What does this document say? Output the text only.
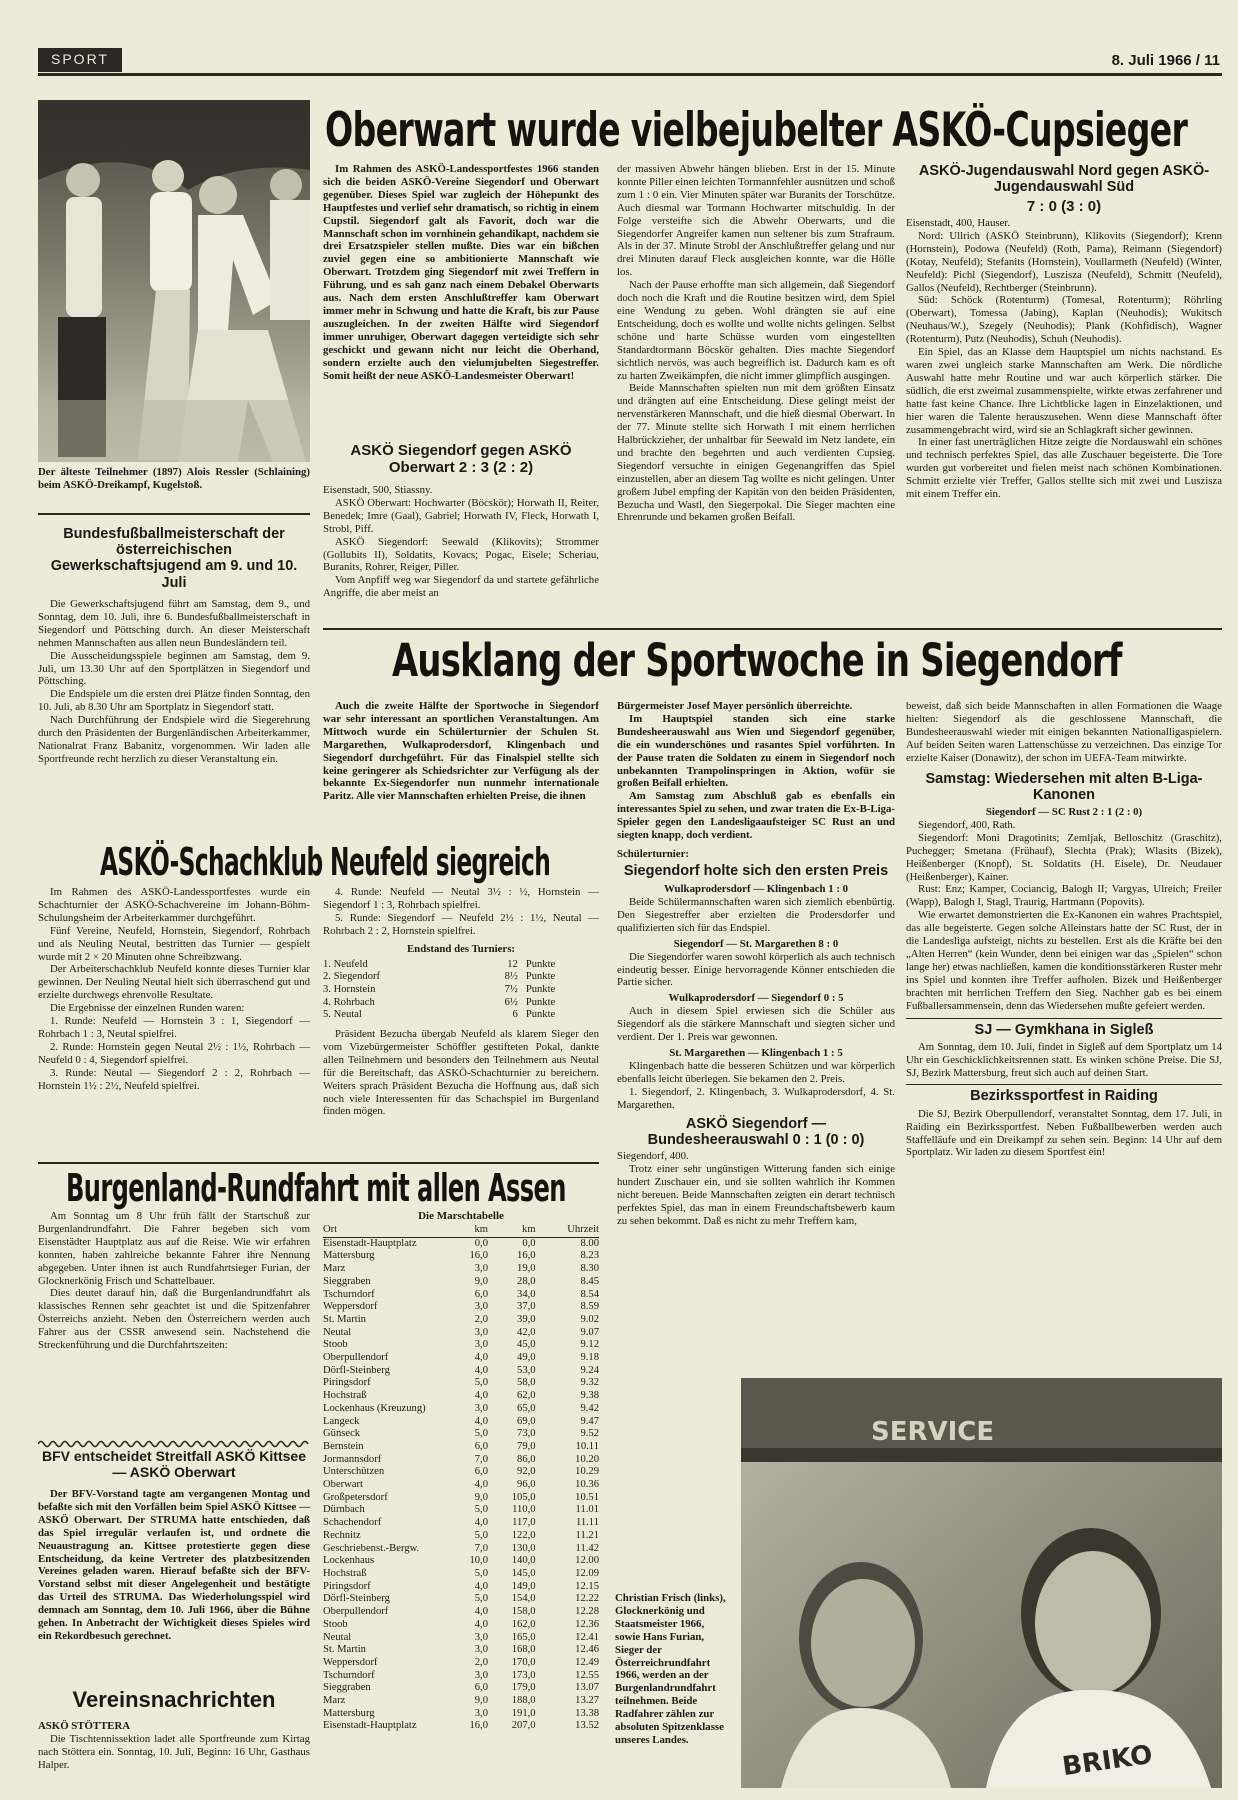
SPORT	8. Juli 1966 / 11

Der älteste Teilnehmer (1897) Alois Ressler (Schlaining) beim ASKÖ-Dreikampf, Kugelstoß.

Bundesfußballmeisterschaft der österreichischen Gewerkschaftsjugend am 9. und 10. Juli

Die Gewerkschaftsjugend führt am Samstag, dem 9., und Sonntag, dem 10. Juli, ihre 6. Bundesfußballmeisterschaft in Siegendorf und Pöttsching durch. An dieser Meisterschaft nehmen Mannschaften aus allen neun Bundesländern teil.

Die Ausscheidungsspiele beginnen am Samstag, dem 9. Juli, um 13.30 Uhr auf den Sportplätzen in Siegendorf und Pöttsching.

Die Endspiele um die ersten drei Plätze finden Sonntag, den 10. Juli, ab 8.30 Uhr am Sportplatz in Siegendorf statt.

Nach Durchführung der Endspiele wird die Siegerehrung durch den Präsidenten der Burgenländischen Arbeiterkammer, Nationalrat Franz Babanitz, vorgenommen. Wir laden alle Sportfreunde recht herzlich zu dieser Veranstaltung ein.

Oberwart wurde vielbejubelter ASKÖ-Cupsieger

Im Rahmen des ASKÖ-Landessportfestes 1966 standen sich die beiden ASKÖ-Vereine Siegendorf und Oberwart gegenüber. Dieses Spiel war zugleich der Höhepunkt des Hauptfestes und verlief sehr dramatisch, so richtig in einem Cupstil. Siegendorf galt als Favorit, doch war die Mannschaft schon im vornhinein gehandikapt, nachdem sie drei Ersatzspieler stellen mußte. Dies war ein bißchen zuviel gegen eine so ambitionierte Mannschaft wie Oberwart. Trotzdem ging Siegendorf mit zwei Treffern in Führung, und es sah ganz nach einem Debakel Oberwarts aus. Nach dem ersten Anschlußtreffer kam Oberwart immer mehr in Schwung und hatte die Kraft, bis zur Pause auszugleichen. In der zweiten Hälfte wird Siegendorf immer unruhiger, Oberwart dagegen verteidigte sich sehr geschickt und gewann nicht nur leicht die Oberhand, sondern erzielte auch den vielumjubelten Siegestreffer. Somit heißt der neue ASKÖ-Landesmeister Oberwart!

ASKÖ Siegendorf gegen ASKÖ Oberwart 2 : 3 (2 : 2)

Eisenstadt, 500, Stiassny.

ASKÖ Oberwart: Hochwarter (Böcskör); Horwath II, Reiter, Benedek; Imre (Gaal), Gabriel; Horwath IV, Fleck, Horwath I, Strobl, Piff.

ASKÖ Siegendorf: Seewald (Klikovits); Strommer (Gollubits II), Soldatits, Kovacs; Pogac, Eisele; Scheriau, Buranits, Rohrer, Reiger, Piller.

Vom Anpfiff weg war Siegendorf da und startete gefährliche Angriffe, die aber meist an

der massiven Abwehr hängen blieben. Erst in der 15. Minute konnte Piller einen leichten Tormannfehler ausnützen und schoß zum 1 : 0 ein. Vier Minuten später war Buranits der Torschütze. Auch diesmal war Tormann Hochwarter mitschuldig. In der Folge versteifte sich die Abwehr Oberwarts, und die Siegendorfer Angreifer kamen nun seltener bis zum Strafraum. Als in der 37. Minute Strobl der Anschlußtreffer gelang und nur drei Minuten darauf Fleck ausgleichen konnte, war die Hölle los.

Nach der Pause erhoffte man sich allgemein, daß Siegendorf doch noch die Kraft und die Routine besitzen wird, dem Spiel eine Wendung zu geben. Wohl drängten sie auf eine Entscheidung, doch es wollte und wollte nichts gelingen. Selbst schöne und harte Schüsse wurden vom eingestellten Standardtormann Böcskör gehalten. Dies machte Siegendorf sichtlich nervös, was auch begreiflich ist. Dadurch kam es oft zu harten Zweikämpfen, die nicht immer glimpflich ausgingen.

Beide Mannschaften spielten nun mit dem größten Einsatz und drängten auf eine Entscheidung. Diese gelingt meist der nervenstärkeren Mannschaft, und die hieß diesmal Oberwart. In der 77. Minute stellte sich Horwath I mit einem herrlichen Halbrückzieher, der unhaltbar für Seewald im Netz landete, ein und brachte den begehrten und auch verdienten Cupsieg. Siegendorf versuchte in einigen Gegenangriffen das Spiel einzustellen, aber an diesem Tag wollte es nicht gelingen. Unter großem Jubel empfing der Kapitän von den beiden Präsidenten, Bezucha und Wastl, den Siegerpokal. Die Sieger machten eine Ehrenrunde und bekamen großen Beifall.

ASKÖ-Jugendauswahl Nord gegen ASKÖ-Jugendauswahl Süd
7 : 0 (3 : 0)

Eisenstadt, 400, Hauser.

Nord: Ullrich (ASKÖ Steinbrunn), Klikovits (Siegendorf); Krenn (Hornstein), Podowa (Neufeld) (Roth, Pama), Reimann (Siegendorf) (Kotay, Neufeld); Stefanits (Hornstein), Voullarmeth (Neufeld) (Winter, Neufeld): Pichl (Siegendorf), Luszisza (Neufeld), Schmitt (Neufeld), Gallos (Neufeld), Rechtberger (Steinbrunn).

Süd: Schöck (Rotenturm) (Tomesal, Rotenturm); Röhrling (Oberwart), Tomessa (Jabing), Kaplan (Neuhodis); Wukitsch (Neuhaus/W.), Szegely (Neuhodis); Plank (Kohfidisch), Wagner (Rotenturm), Putz (Neuhodis), Schuh (Neuhodis).

Ein Spiel, das an Klasse dem Hauptspiel um nichts nachstand. Es waren zwei ungleich starke Mannschaften am Werk. Die nördliche Auswahl hatte mehr Routine und war auch körperlich stärker. Die südlich, die erst zweimal zusammenspielte, wirkte etwas zerfahrener und hatte fast keine Chance. Ihre Lichtblicke lagen in Einzelaktionen, und hier waren die Talente herauszusehen. Wenn diese Mannschaft öfter zusammengebracht wird, wird sie an Schlagkraft sicher gewinnen.

In einer fast unerträglichen Hitze zeigte die Nordauswahl ein schönes und technisch perfektes Spiel, das alle Zuschauer begeisterte. Die Tore wurden gut vorbereitet und fielen meist nach schönen Kombinationen. Schmitt erzielte vier Treffer, Gallos stellte sich mit zwei und Luszisza mit einem Treffer ein.

Ausklang der Sportwoche in Siegendorf

Auch die zweite Hälfte der Sportwoche in Siegendorf war sehr interessant an sportlichen Veranstaltungen. Am Mittwoch wurde ein Schülerturnier der Schulen St. Margarethen, Wulkaprodersdorf, Klingenbach und Siegendorf durchgeführt. Für das Finalspiel stellte sich keine geringerer als Schiedsrichter zur Verfügung als der bekannte Ex-Siegendorfer nun nunmehr internationale Paritz. Alle vier Mannschaften erhielten Preise, die ihnen

Bürgermeister Josef Mayer persönlich überreichte.

Im Hauptspiel standen sich eine starke Bundesheerauswahl aus Wien und Siegendorf gegenüber, die ein wunderschönes und rasantes Spiel vorführten. In der Pause traten die Soldaten zu einem in Siegendorf noch unbekannten Trampolinspringen in Aktion, wofür sie großen Beifall erhielten.

Am Samstag zum Abschluß gab es ebenfalls ein interessantes Spiel zu sehen, und zwar traten die Ex-B-Liga-Spieler gegen den Landesligaaufsteiger SC Rust an und siegten knapp, doch verdient.

Schülerturnier:
Siegendorf holte sich den ersten Preis
Wulkaprodersdorf — Klingenbach 1 : 0

Beide Schülermannschaften waren sich ziemlich ebenbürtig. Den Siegestreffer aber erzielten die Prodersdorfer und qualifizierten sich für das Endspiel.

Siegendorf — St. Margarethen 8 : 0

Die Siegendorfer waren sowohl körperlich als auch technisch eindeutig besser. Einige hervorragende Könner entschieden die Partie sicher.

Wulkaprodersdorf — Siegendorf 0 : 5

Auch in diesem Spiel erwiesen sich die Schüler aus Siegendorf als die stärkere Mannschaft und siegten sicher und verdient. Der 1. Preis war gewonnen.

St. Margarethen — Klingenbach 1 : 5

Klingenbach hatte die besseren Schützen und war körperlich ebenfalls leicht überlegen. Sie bekamen den 2. Preis.

1. Siegendorf, 2. Klingenbach, 3. Wulkaprodersdorf, 4. St. Margarethen.

ASKÖ Siegendorf — Bundesheerauswahl 0 : 1 (0 : 0)

Siegendorf, 400.

Trotz einer sehr ungünstigen Witterung fanden sich einige hundert Zuschauer ein, und sie sollten wahrlich ihr Kommen nicht bereuen. Beide Mannschaften zeigten ein derart technisch perfektes Spiel, das man in einem Freundschaftsbewerb kaum zu sehen bekommt. Daß es nicht zu mehr Treffern kam,

beweist, daß sich beide Mannschaften in allen Formationen die Waage hielten: Siegendorf als die geschlossene Mannschaft, die Bundesheerauswahl wieder mit einigen bekannten Nationalligaspielern. Auf beiden Seiten waren Lattenschüsse zu verzeichnen. Das einzige Tor erzielte Kaiser (Donawitz), der schon im UEFA-Team mitwirkte.

Samstag: Wiedersehen mit alten B-Liga-Kanonen
Siegendorf — SC Rust 2 : 1 (2 : 0)

Siegendorf, 400, Rath.

Siegendorf: Moni Dragotinits; Zemljak, Belloschitz (Graschitz), Puchegger; Smetana (Frühauf), Slechta (Prak); Wlasits (Bizek), Heißenberger (Knopf), St. Soldatits (H. Eisele), Dr. Neudauer (Heißenberger), Kainer.

Rust: Enz; Kamper, Cociancig, Balogh II; Vargyas, Ulreich; Freiler (Wapp), Balogh I, Stagl, Traurig, Hartmann (Popovits).

Wie erwartet demonstrierten die Ex-Kanonen ein wahres Prachtspiel, das alle begeisterte. Gegen solche Alleinstars hatte der SC Rust, der in die Landesliga aufsteigt, nichts zu bestellen. Erst als die Kräfte bei den „Alten Herren“ (kein Wunder, denn bei einigen war das „Spielen“ schon lange her) etwas nachließen, kamen die konditionsstärkeren Ruster mehr ins Spiel und konnten ihre Treffer aufholen. Bizek und Heißenberger brachten mit herrlichen Treffern den Sieg. Nachher gab es bei einem Fußballersammensein, denn das Wiedersehen mußte gefeiert werden.

SJ — Gymkhana in Sigleß

Am Sonntag, dem 10. Juli, findet in Sigleß auf dem Sportplatz um 14 Uhr ein Geschicklichkeitsrennen statt. Es winken schöne Preise. Die SJ, SJ, Bezirk Mattersburg, freut sich auch auf deinen Start.

Bezirkssportfest in Raiding

Die SJ, Bezirk Oberpullendorf, veranstaltet Sonntag, dem 17. Juli, in Raiding ein Bezirkssportfest. Neben Fußballbewerben werden auch Staffelläufe und ein Dreikampf zu sehen sein. Beginn: 14 Uhr auf dem Sportplatz. Wir laden zu diesem Sportfest ein!

ASKÖ-Schachklub Neufeld siegreich

Im Rahmen des ASKÖ-Landessportfestes wurde ein Schachturnier der ASKÖ-Schachvereine im Johann-Böhm-Schulungsheim der Arbeiterkammer durchgeführt.

Fünf Vereine, Neufeld, Hornstein, Siegendorf, Rohrbach und als Neuling Neutal, bestritten das Turnier — gespielt wurde mit 2 × 20 Minuten ohne Schreibzwang.

Der Arbeiterschachklub Neufeld konnte dieses Turnier klar gewinnen. Der Neuling Neutal hielt sich überraschend gut und erzielte durchwegs ehrenvolle Resultate.

Die Ergebnisse der einzelnen Runden waren:

1. Runde: Neufeld — Hornstein 3 : 1, Siegendorf — Rohrbach 1 : 3, Neutal spielfrei.

2. Runde: Hornstein gegen Neutal 2½ : 1½, Rohrbach — Neufeld 0 : 4, Siegendorf spielfrei.

3. Runde: Neutal — Siegendorf 2 : 2, Rohrbach — Hornstein 1½ : 2½, Neufeld spielfrei.

4. Runde: Neufeld — Neutal 3½ : ½, Hornstein — Siegendorf 1 : 3, Rohrbach spielfrei.

5. Runde: Siegendorf — Neufeld 2½ : 1½, Neutal — Rohrbach 2 : 2, Hornstein spielfrei.

Endstand des Turniers:
1. Neufeld	12	Punkte
2. Siegendorf	8½	Punkte
3. Hornstein	7½	Punkte
4. Rohrbach	6½	Punkte
5. Neutal	6	Punkte

Präsident Bezucha übergab Neufeld als klarem Sieger den vom Vizebürgermeister Schöffler gestifteten Pokal, dankte allen Teilnehmern und besonders den Teilnehmern aus Neutal für die Bereitschaft, das ASKÖ-Schachturnier zu bereichern. Weiters sprach Präsident Bezucha die Hoffnung aus, daß sich noch viele Interessenten für das Schachspiel im Burgenland finden mögen.

Burgenland-Rundfahrt mit allen Assen

Am Sonntag um 8 Uhr früh fällt der Startschuß zur Burgenlandrundfahrt. Die Fahrer begeben sich vom Eisenstädter Hauptplatz aus auf die Reise. Wie wir erfahren konnten, haben zahlreiche bekannte Fahrer ihre Nennung abgegeben. Unter ihnen ist auch Rundfahrtsieger Furian, der Glocknerkönig Frisch und Schattelbauer.

Dies deutet darauf hin, daß die Burgenlandrundfahrt als klassisches Rennen sehr geachtet ist und die Spitzenfahrer Österreichs anzieht. Neben den Österreichern werden auch Fahrer aus der CSSR anwesend sein. Nachstehend die Streckenführung und die Durchfahrtszeiten:

BFV entscheidet Streitfall ASKÖ Kittsee — ASKÖ Oberwart

Der BFV-Vorstand tagte am vergangenen Montag und befaßte sich mit den Vorfällen beim Spiel ASKÖ Kittsee — ASKÖ Oberwart. Der STRUMA hatte entschieden, daß das Spiel irregulär verlaufen ist, und ordnete die Neuaustragung an. Kittsee protestierte gegen diese Entscheidung, da keine Vertreter des platzbesitzenden Vereines geladen waren. Hierauf befaßte sich der BFV-Vorstand selbst mit dieser Angelegenheit und bestätigte das Urteil des STRUMA. Das Wiederholungsspiel wird demnach am Sonntag, dem 10. Juli 1966, über die Bühne gehen. In Anbetracht der Wichtigkeit dieses Spieles wird ein Rekordbesuch gerechnet.

Vereinsnachrichten
ASKÖ STÖTTERA

Die Tischtennissektion ladet alle Sportfreunde zum Kirtag nach Stöttera ein. Sonntag, 10. Juli, Beginn: 16 Uhr, Gasthaus Halper.

Die Marschtabelle
Ort	km	km	Uhrzeit
Eisenstadt-Hauptplatz	0,0	0,0	8.00
Mattersburg	16,0	16,0	8.23
Marz	3,0	19,0	8.30
Sieggraben	9,0	28,0	8.45
Tschurndorf	6,0	34,0	8.54
Weppersdorf	3,0	37,0	8.59
St. Martin	2,0	39,0	9.02
Neutal	3,0	42,0	9.07
Stoob	3,0	45,0	9.12
Oberpullendorf	4,0	49,0	9.18
Dörfl-Steinberg	4,0	53,0	9.24
Piringsdorf	5,0	58,0	9.32
Hochstraß	4,0	62,0	9.38
Lockenhaus (Kreuzung)	3,0	65,0	9.42
Langeck	4,0	69,0	9.47
Günseck	5,0	73,0	9.52
Bernstein	6,0	79,0	10.11
Jormannsdorf	7,0	86,0	10.20
Unterschützen	6,0	92,0	10.29
Oberwart	4,0	96,0	10.36
Großpetersdorf	9,0	105,0	10.51
Dürnbach	5,0	110,0	11.01
Schachendorf	4,0	117,0	11.11
Rechnitz	5,0	122,0	11.21
Geschriebenst.-Bergw.	7,0	130,0	11.42
Lockenhaus	10,0	140,0	12.00
Hochstraß	5,0	145,0	12.09
Piringsdorf	4,0	149,0	12.15
Dörfl-Steinberg	5,0	154,0	12.22
Oberpullendorf	4,0	158,0	12.28
Stoob	4,0	162,0	12.36
Neutal	3,0	165,0	12.41
St. Martin	3,0	168,0	12.46
Weppersdorf	2,0	170,0	12.49
Tschurndorf	3,0	173,0	12.55
Sieggraben	6,0	179,0	13.07
Marz	9,0	188,0	13.27
Mattersburg	3,0	191,0	13.38
Eisenstadt-Hauptplatz	16,0	207,0	13.52
SERVICE
BRIKO

Christian Frisch (links), Glocknerkönig und Staatsmeister 1966, sowie Hans Furian, Sieger der Österreichrundfahrt 1966, werden an der Burgenlandrundfahrt teilnehmen. Beide Radfahrer zählen zur absoluten Spitzenklasse unseres Landes.
